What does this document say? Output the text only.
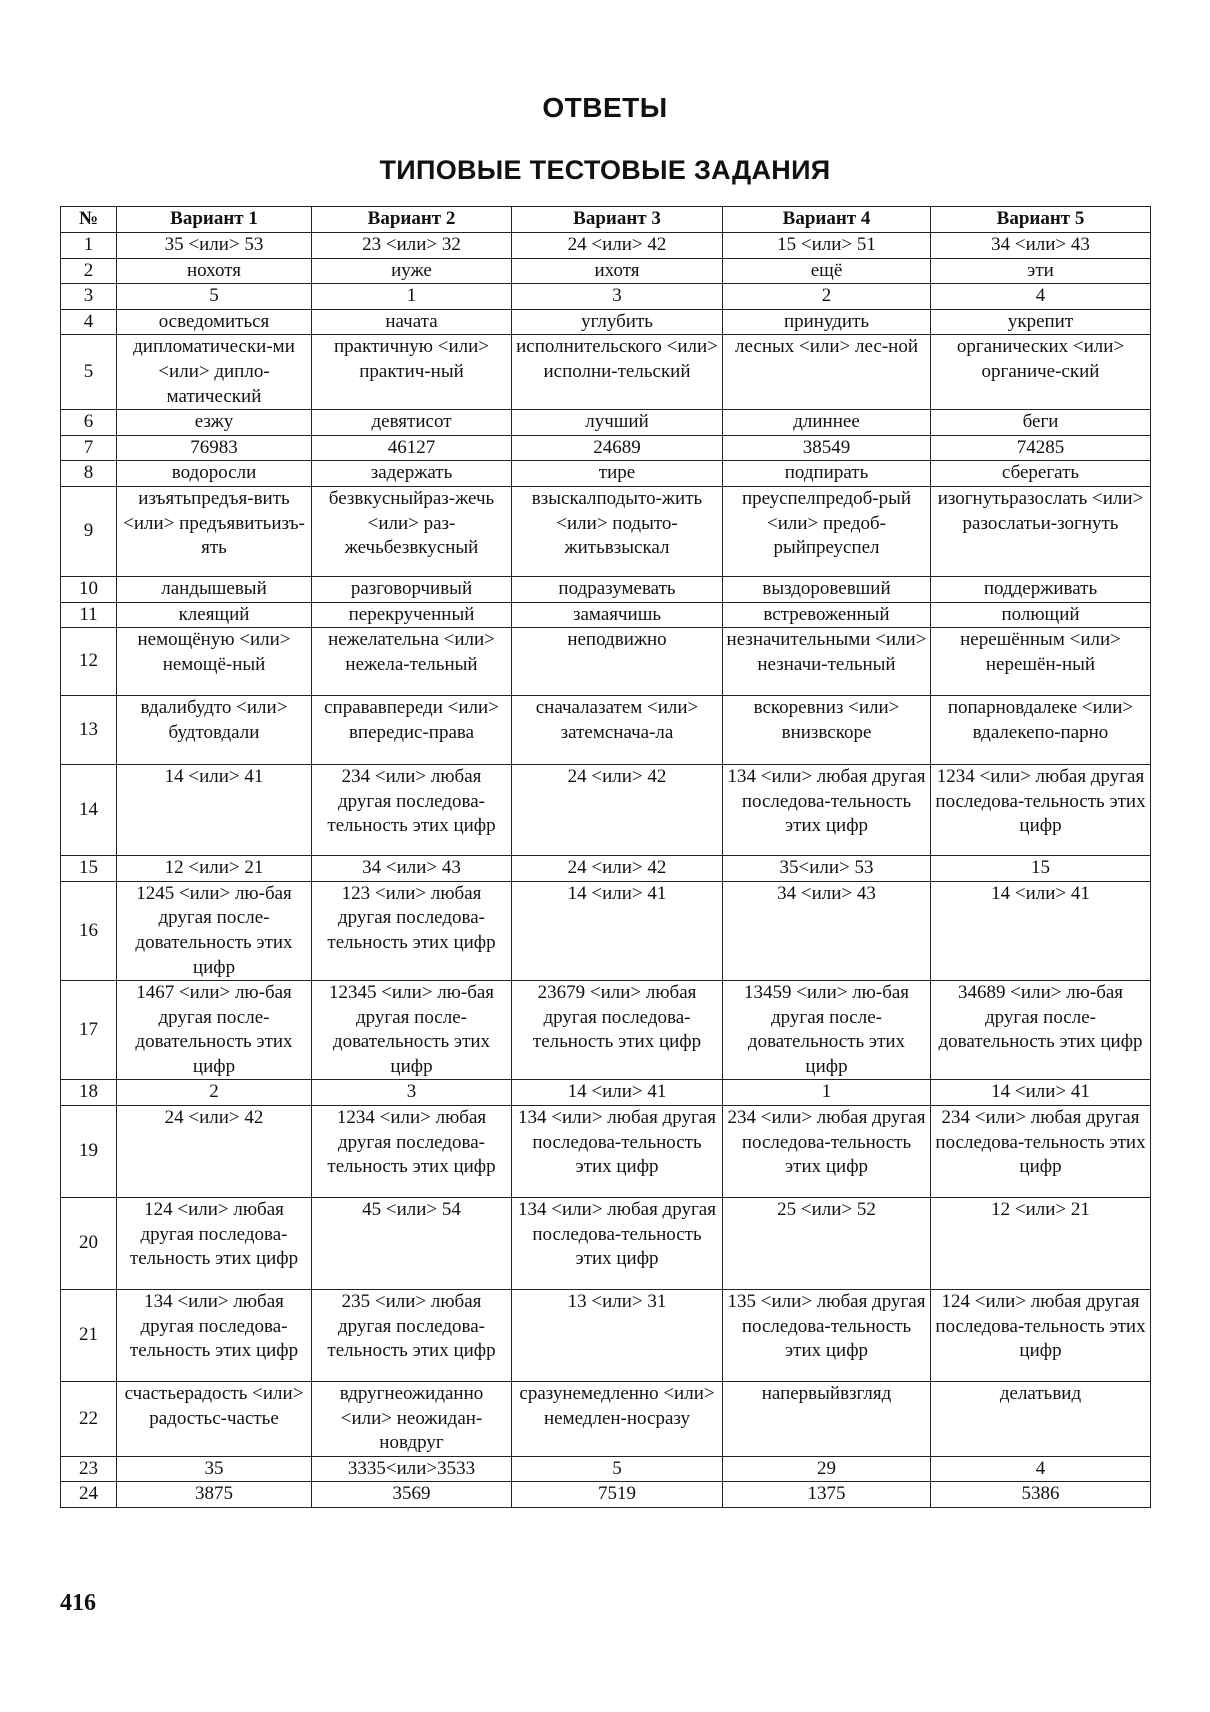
ОТВЕТЫ
ТИПОВЫЕ ТЕСТОВЫЕ ЗАДАНИЯ
№	Вариант 1	Вариант 2	Вариант 3	Вариант 4	Вариант 5
1	35 <или> 53	23 <или> 32	24 <или> 42	15 <или> 51	34 <или> 43
2	нохотя	иуже	ихотя	ещё	эти
3	5	1	3	2	4
4	осведомиться	начата	углубить	принудить	укрепит
5	дипломатически-ми <или> дипло-матический	практичную <или> практич-ный	исполнительского <или> исполни-тельский	лесных <или> лес-ной	органических <или> органиче-ский
6	езжу	девятисот	лучший	длиннее	беги
7	76983	46127	24689	38549	74285
8	водоросли	задержать	тире	подпирать	сберегать
9	изъятьпредъя-вить <или> предъявитьизъ-ять	безвкусныйраз-жечь <или> раз-жечьбезвкусный	взыскалподыто-жить <или> подыто-житьвзыскал	преуспелпредоб-рый <или> предоб-рыйпреуспел	изогнутьразослать <или> разослатьи-зогнуть
10	ландышевый	разговорчивый	подразумевать	выздоровевший	поддерживать
11	клеящий	перекрученный	замаячишь	встревоженный	полющий
12	немощёную <или> немощё-ный	нежелательна <или> нежела-тельный	неподвижно	незначительными <или> незначи-тельный	нерешённым <или> нерешён-ный
13	вдалибудто <или> будтовдали	справавпереди <или> впередис-права	сначалазатем <или> затемснача-ла	вскоревниз <или> внизвскоре	попарновдалеке <или> вдалекепо-парно
14	14 <или> 41	234 <или> любая другая последова-тельность этих цифр	24 <или> 42	134 <или> любая другая последова-тельность этих цифр	1234 <или> любая другая последова-тельность этих цифр
15	12 <или> 21	34 <или> 43	24 <или> 42	35<или> 53	15
16	1245 <или> лю-бая другая после-довательность этих цифр	123 <или> любая другая последова-тельность этих цифр	14 <или> 41	34 <или> 43	14 <или> 41
17	1467 <или> лю-бая другая после-довательность этих цифр	12345 <или> лю-бая другая после-довательность этих цифр	23679 <или> любая другая последова-тельность этих цифр	13459 <или> лю-бая другая после-довательность этих цифр	34689 <или> лю-бая другая после-довательность этих цифр
18	2	3	14 <или> 41	1	14 <или> 41
19	24 <или> 42	1234 <или> любая другая последова-тельность этих цифр	134 <или> любая другая последова-тельность этих цифр	234 <или> любая другая последова-тельность этих цифр	234 <или> любая другая последова-тельность этих цифр
20	124 <или> любая другая последова-тельность этих цифр	45 <или> 54	134 <или> любая другая последова-тельность этих цифр	25 <или> 52	12 <или> 21
21	134 <или> любая другая последова-тельность этих цифр	235 <или> любая другая последова-тельность этих цифр	13 <или> 31	135 <или> любая другая последова-тельность этих цифр	124 <или> любая другая последова-тельность этих цифр
22	счастьерадость <или> радостьс-частье	вдругнеожиданно <или> неожидан-новдруг	сразунемедленно <или> немедлен-носразу	напервыйвзгляд	делатьвид
23	35	3335<или>3533	5	29	4
24	3875	3569	7519	1375	5386
416
